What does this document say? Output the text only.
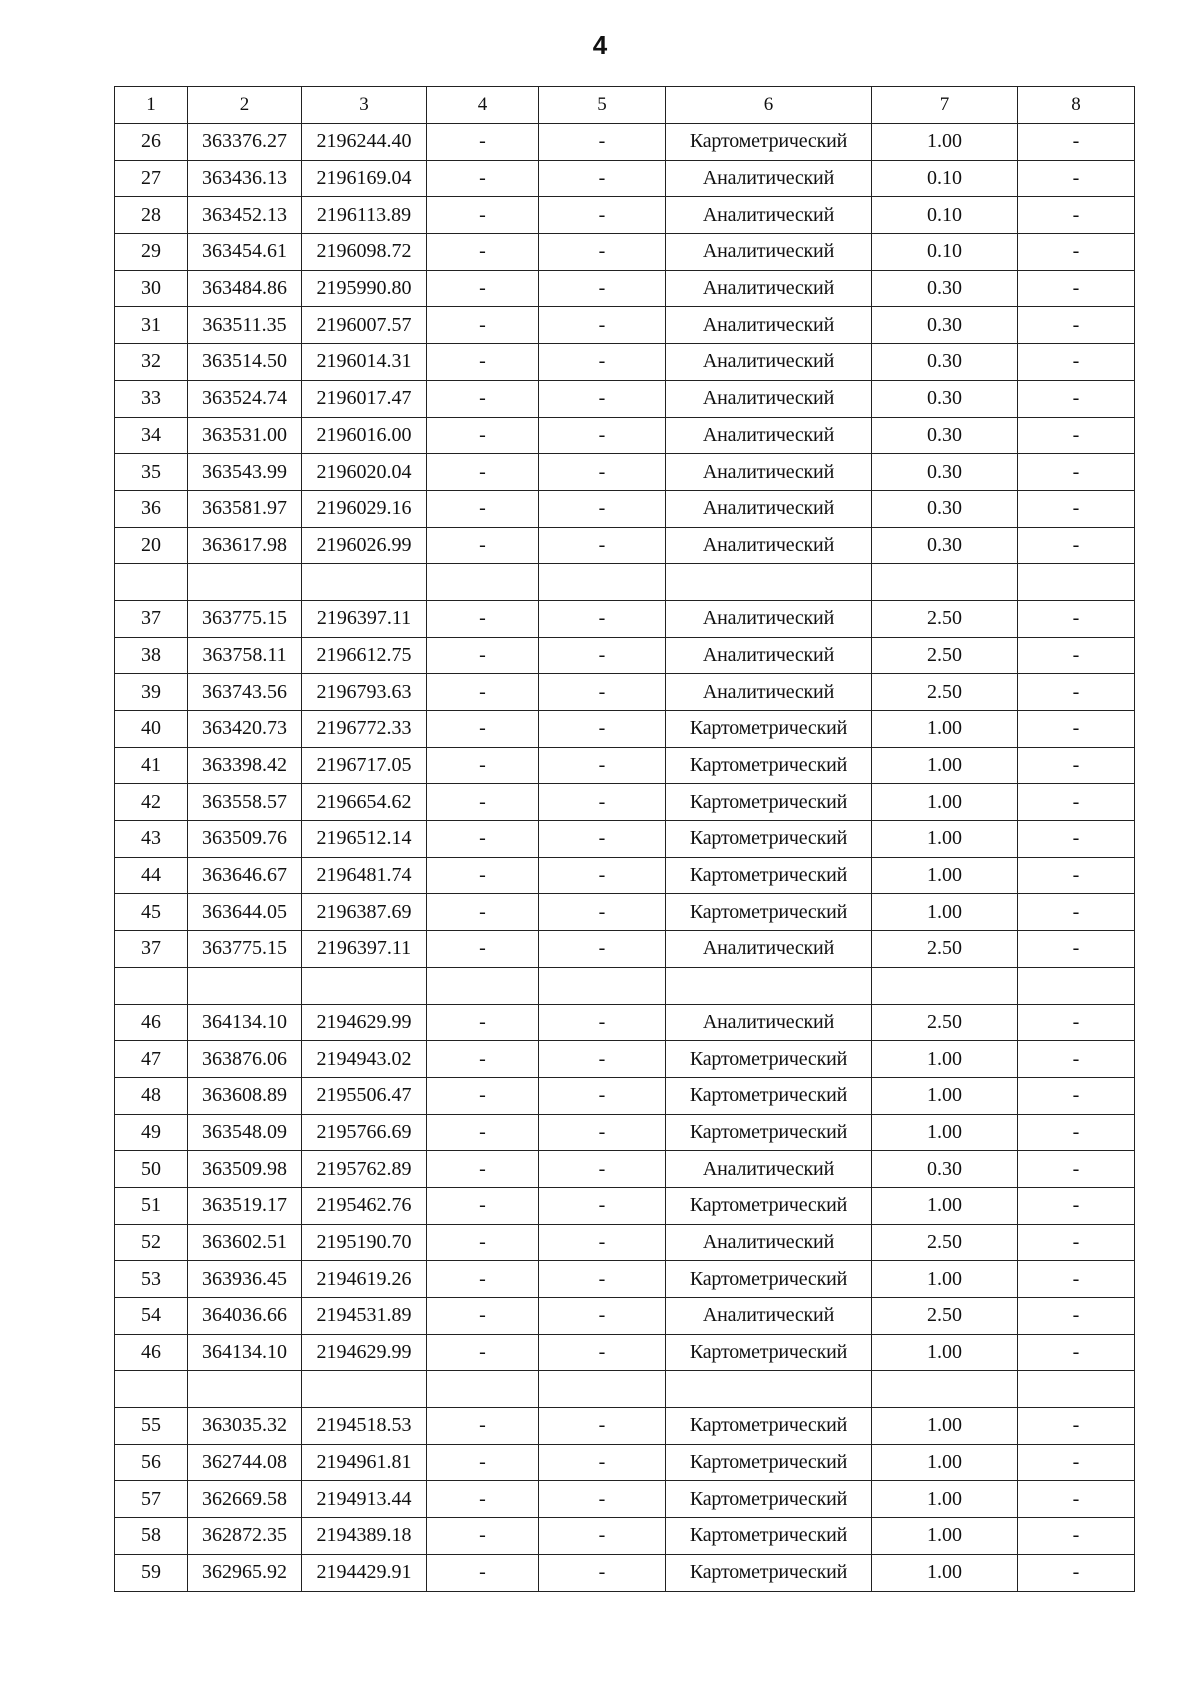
4
1	2	3	4	5	6	7	8
26	363376.27	2196244.40	-	-	Картометрический	1.00	-
27	363436.13	2196169.04	-	-	Аналитический	0.10	-
28	363452.13	2196113.89	-	-	Аналитический	0.10	-
29	363454.61	2196098.72	-	-	Аналитический	0.10	-
30	363484.86	2195990.80	-	-	Аналитический	0.30	-
31	363511.35	2196007.57	-	-	Аналитический	0.30	-
32	363514.50	2196014.31	-	-	Аналитический	0.30	-
33	363524.74	2196017.47	-	-	Аналитический	0.30	-
34	363531.00	2196016.00	-	-	Аналитический	0.30	-
35	363543.99	2196020.04	-	-	Аналитический	0.30	-
36	363581.97	2196029.16	-	-	Аналитический	0.30	-
20	363617.98	2196026.99	-	-	Аналитический	0.30	-

37	363775.15	2196397.11	-	-	Аналитический	2.50	-
38	363758.11	2196612.75	-	-	Аналитический	2.50	-
39	363743.56	2196793.63	-	-	Аналитический	2.50	-
40	363420.73	2196772.33	-	-	Картометрический	1.00	-
41	363398.42	2196717.05	-	-	Картометрический	1.00	-
42	363558.57	2196654.62	-	-	Картометрический	1.00	-
43	363509.76	2196512.14	-	-	Картометрический	1.00	-
44	363646.67	2196481.74	-	-	Картометрический	1.00	-
45	363644.05	2196387.69	-	-	Картометрический	1.00	-
37	363775.15	2196397.11	-	-	Аналитический	2.50	-

46	364134.10	2194629.99	-	-	Аналитический	2.50	-
47	363876.06	2194943.02	-	-	Картометрический	1.00	-
48	363608.89	2195506.47	-	-	Картометрический	1.00	-
49	363548.09	2195766.69	-	-	Картометрический	1.00	-
50	363509.98	2195762.89	-	-	Аналитический	0.30	-
51	363519.17	2195462.76	-	-	Картометрический	1.00	-
52	363602.51	2195190.70	-	-	Аналитический	2.50	-
53	363936.45	2194619.26	-	-	Картометрический	1.00	-
54	364036.66	2194531.89	-	-	Аналитический	2.50	-
46	364134.10	2194629.99	-	-	Картометрический	1.00	-

55	363035.32	2194518.53	-	-	Картометрический	1.00	-
56	362744.08	2194961.81	-	-	Картометрический	1.00	-
57	362669.58	2194913.44	-	-	Картометрический	1.00	-
58	362872.35	2194389.18	-	-	Картометрический	1.00	-
59	362965.92	2194429.91	-	-	Картометрический	1.00	-
